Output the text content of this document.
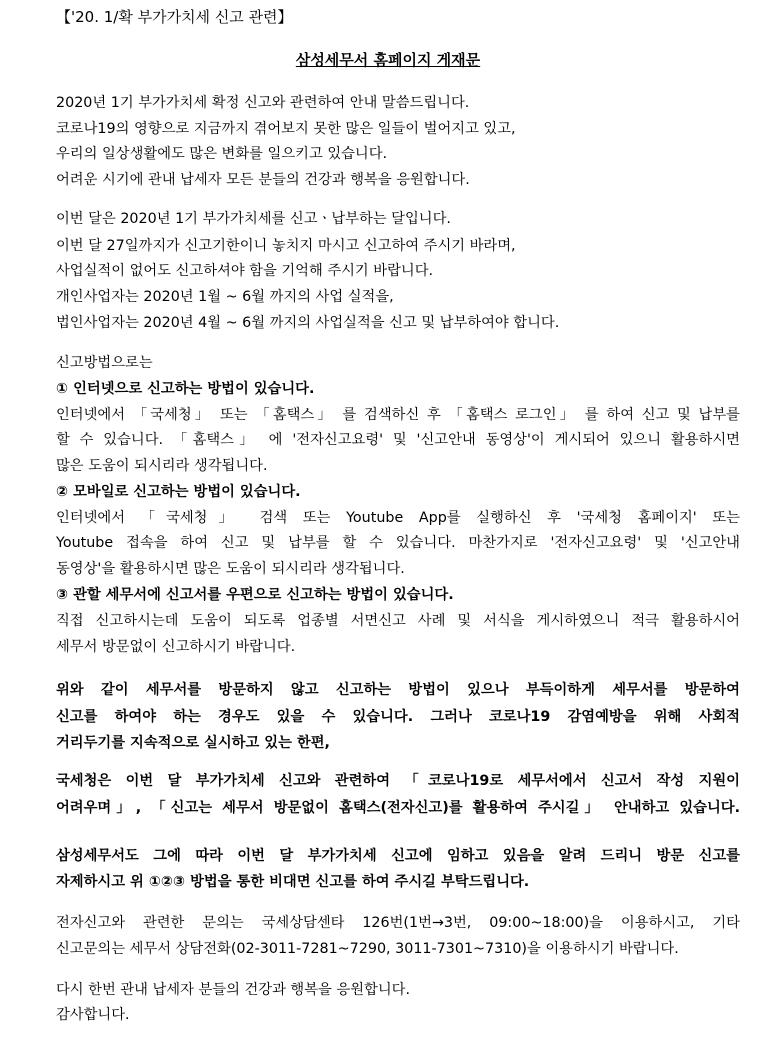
【'20. 1/확 부가가치세 신고 관련】
삼성세무서 홈페이지 게재문
2020년 1기 부가가치세 확정 신고와 관련하여 안내 말씀드립니다.
코로나19의 영향으로 지금까지 겪어보지 못한 많은 일들이 벌어지고 있고,
우리의 일상생활에도 많은 변화를 일으키고 있습니다.
어려운 시기에 관내 납세자 모든 분들의 건강과 행복을 응원합니다.
이번 달은 2020년 1기 부가가치세를 신고ㆍ납부하는 달입니다.
이번 달 27일까지가 신고기한이니 놓치지 마시고 신고하여 주시기 바라며,
사업실적이 없어도 신고하셔야 함을 기억해 주시기 바랍니다.
개인사업자는 2020년 1월 ~ 6월 까지의 사업 실적을,
법인사업자는 2020년 4월 ~ 6월 까지의 사업실적을 신고 및 납부하여야 합니다.
신고방법으로는
① 인터넷으로 신고하는 방법이 있습니다.
인터넷에서 「국세청」 또는 「홈택스」 를 검색하신 후 「홈택스 로그인」 를 하여 신고 및 납부를
할 수 있습니다. 「홈택스」 에 '전자신고요령' 및 '신고안내 동영상'이 게시되어 있으니 활용하시면
많은 도움이 되시리라 생각됩니다.
② 모바일로 신고하는 방법이 있습니다.
인터넷에서 「국세청」 검색 또는 Youtube App를 실행하신 후 '국세청 홈페이지' 또는
Youtube 접속을 하여 신고 및 납부를 할 수 있습니다. 마찬가지로 '전자신고요령' 및 '신고안내
동영상'을 활용하시면 많은 도움이 되시리라 생각됩니다.
③ 관할 세무서에 신고서를 우편으로 신고하는 방법이 있습니다.
직접 신고하시는데 도움이 되도록 업종별 서면신고 사례 및 서식을 게시하였으니 적극 활용하시어
세무서 방문없이 신고하시기 바랍니다.
위와 같이 세무서를 방문하지 않고 신고하는 방법이 있으나 부득이하게 세무서를 방문하여
신고를 하여야 하는 경우도 있을 수 있습니다. 그러나 코로나19 감염예방을 위해 사회적
거리두기를 지속적으로 실시하고 있는 한편,
국세청은 이번 달 부가가치세 신고와 관련하여 「코로나19로 세무서에서 신고서 작성 지원이
어려우며」, 「신고는 세무서 방문없이 홈택스(전자신고)를 활용하여 주시길」 안내하고 있습니다.
삼성세무서도 그에 따라 이번 달 부가가치세 신고에 임하고 있음을 알려 드리니 방문 신고를
자제하시고 위 ①②③ 방법을 통한 비대면 신고를 하여 주시길 부탁드립니다.
전자신고와 관련한 문의는 국세상담센타 126번(1번→3번, 09:00~18:00)을 이용하시고, 기타
신고문의는 세무서 상담전화(02-3011-7281~7290, 3011-7301~7310)을 이용하시기 바랍니다.
다시 한번 관내 납세자 분들의 건강과 행복을 응원합니다.
감사합니다.
